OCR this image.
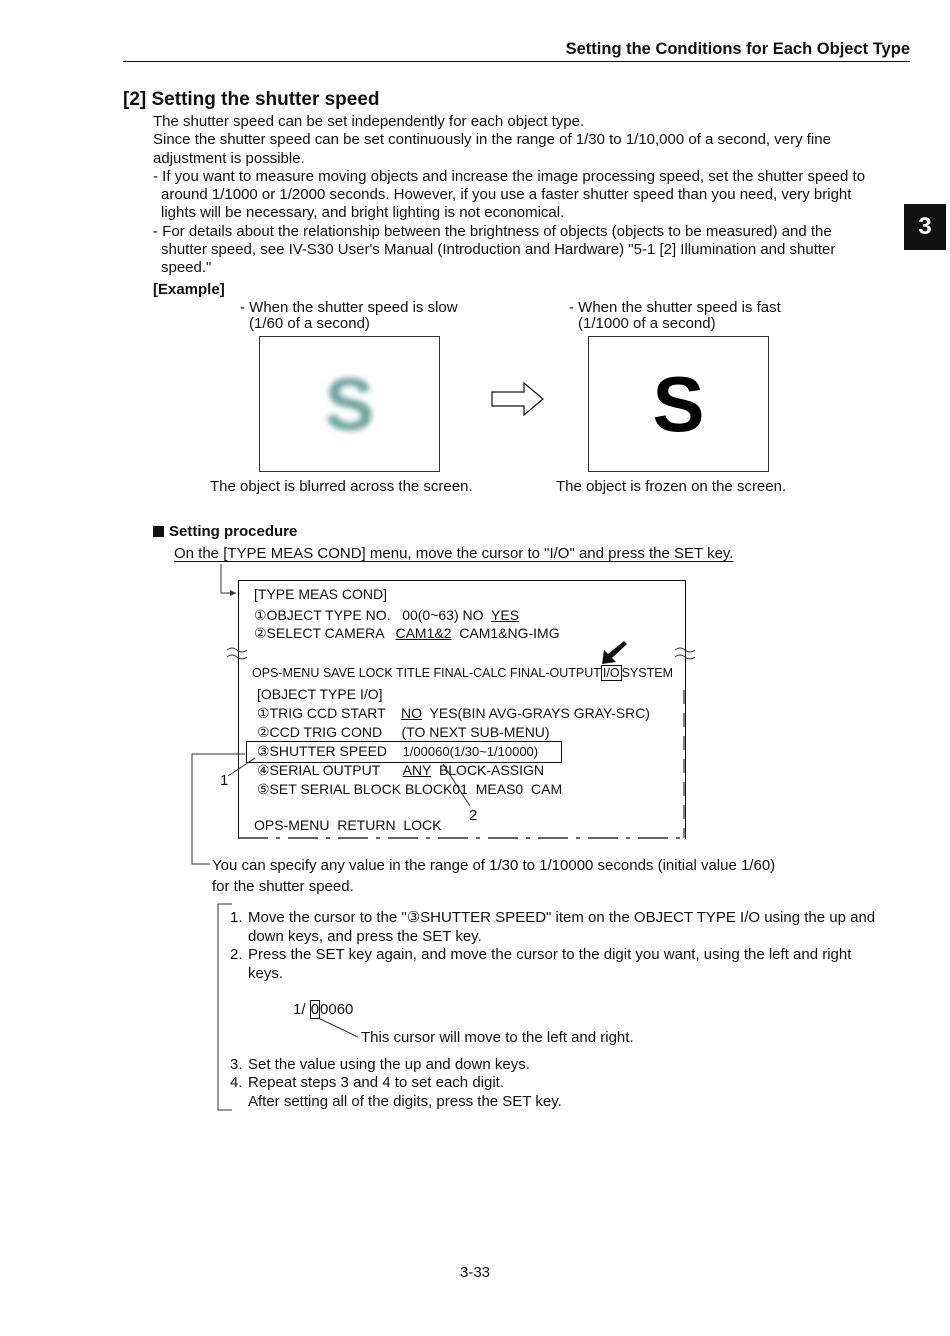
Setting the Conditions for Each Object Type
3
[2] Setting the shutter speed

The shutter speed can be set independently for each object type.

Since the shutter speed can be set continuously in the range of 1/30 to 1/10,000 of a second, very fine adjustment is possible.

- If you want to measure moving objects and increase the image processing speed, set the shutter speed to around 1/1000 or 1/2000 seconds. However, if you use a faster shutter speed than you need, very bright lights will be necessary, and bright lighting is not economical.

- For details about the relationship between the brightness of objects (objects to be measured) and the shutter speed, see IV-S30 User's Manual (Introduction and Hardware) "5-1 [2] Illumination and shutter speed."

[Example]
- When the shutter speed is slow
(1/60 of a second)
- When the shutter speed is fast
(1/1000 of a second)
S	S
The object is blurred across the screen.	The object is frozen on the screen.
Setting procedure
On the [TYPE MEAS COND] menu, move the cursor to "I/O" and press the SET key.
[TYPE MEAS COND]
①OBJECT TYPE NO. 00(0~63) NO YES
②SELECT CAMERA CAM1&2 CAM1&NG-IMG
OPS-MENU SAVE LOCK TITLE FINAL-CALC FINAL-OUTPUT I/O SYSTEM
[OBJECT TYPE I/O]
①TRIG CCD START NO YES(BIN AVG-GRAYS GRAY-SRC)
②CCD TRIG COND (TO NEXT SUB-MENU)
③SHUTTER SPEED 1/00060(1/30~1/10000)
④SERIAL OUTPUT ANY BLOCK-ASSIGN
⑤SET SERIAL BLOCK BLOCK01  MEAS0  CAM
OPS-MENU  RETURN  LOCK
1
2
You can specify any value in the range of 1/30 to 1/10000 seconds (initial value 1/60)
for the shutter speed.
1. Move the cursor to the "③SHUTTER SPEED" item on the OBJECT TYPE I/O using the up and down keys, and press the SET key.
2. Press the SET key again, and move the cursor to the digit you want, using the left and right keys.
1/ 00060
This cursor will move to the left and right.
3. Set the value using the up and down keys.
4. Repeat steps 3 and 4 to set each digit.
After setting all of the digits, press the SET key.
3-33
